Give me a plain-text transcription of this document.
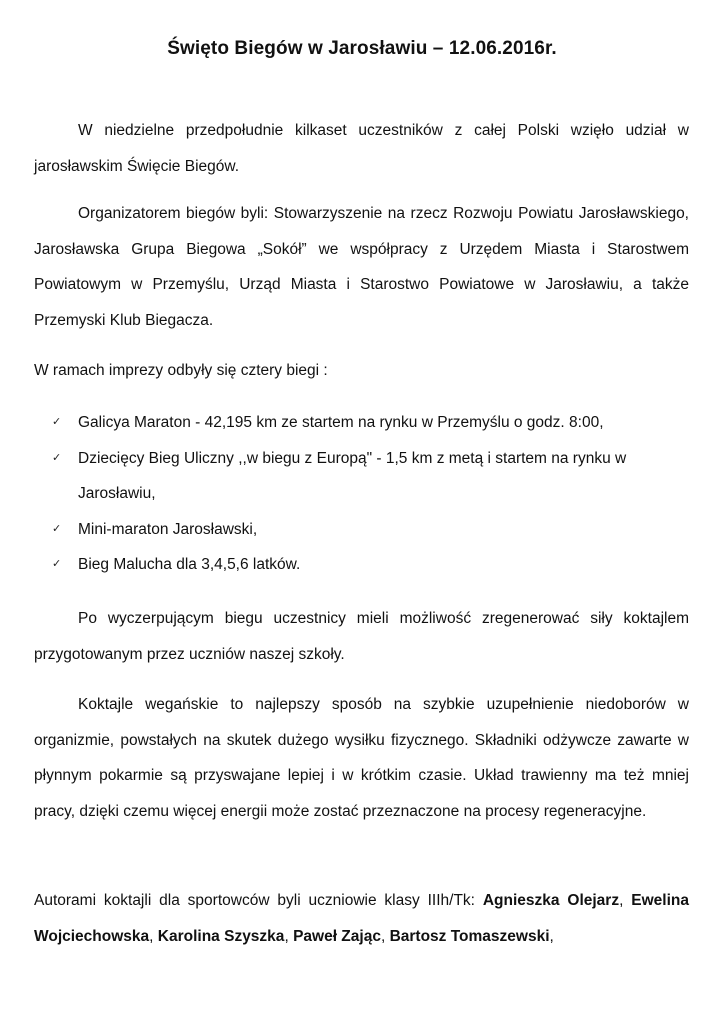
Święto Biegów w Jarosławiu – 12.06.2016r.

W niedzielne przedpołudnie kilkaset uczestników z całej Polski wzięło udział w jarosławskim Święcie Biegów.

Organizatorem biegów byli: Stowarzyszenie na rzecz Rozwoju Powiatu Jarosławskiego, Jarosławska Grupa Biegowa „Sokół” we współpracy z Urzędem Miasta i Starostwem Powiatowym w Przemyślu, Urząd Miasta i Starostwo Powiatowe w Jarosławiu, a także Przemyski Klub Biegacza.

W ramach imprezy odbyły się cztery biegi :

✓ Galicya Maraton - 42,195 km ze startem na rynku w Przemyślu o godz. 8:00,
✓ Dziecięcy Bieg Uliczny ,,w biegu z Europą" - 1,5 km z metą i startem na rynku w Jarosławiu,
✓ Mini-maraton Jarosławski,
✓ Bieg Malucha dla 3,4,5,6 latków.

Po wyczerpującym biegu uczestnicy mieli możliwość zregenerować siły koktajlem przygotowanym przez uczniów naszej szkoły.

Koktajle wegańskie to najlepszy sposób na szybkie uzupełnienie niedoborów w organizmie, powstałych na skutek dużego wysiłku fizycznego. Składniki odżywcze zawarte w płynnym pokarmie są przyswajane lepiej i w krótkim czasie. Układ trawienny ma też mniej pracy, dzięki czemu więcej energii może zostać przeznaczone na procesy regeneracyjne.

Autorami koktajli dla sportowców byli uczniowie klasy IIIh/Tk: Agnieszka Olejarz, Ewelina Wojciechowska, Karolina Szyszka, Paweł Zając, Bartosz Tomaszewski,
